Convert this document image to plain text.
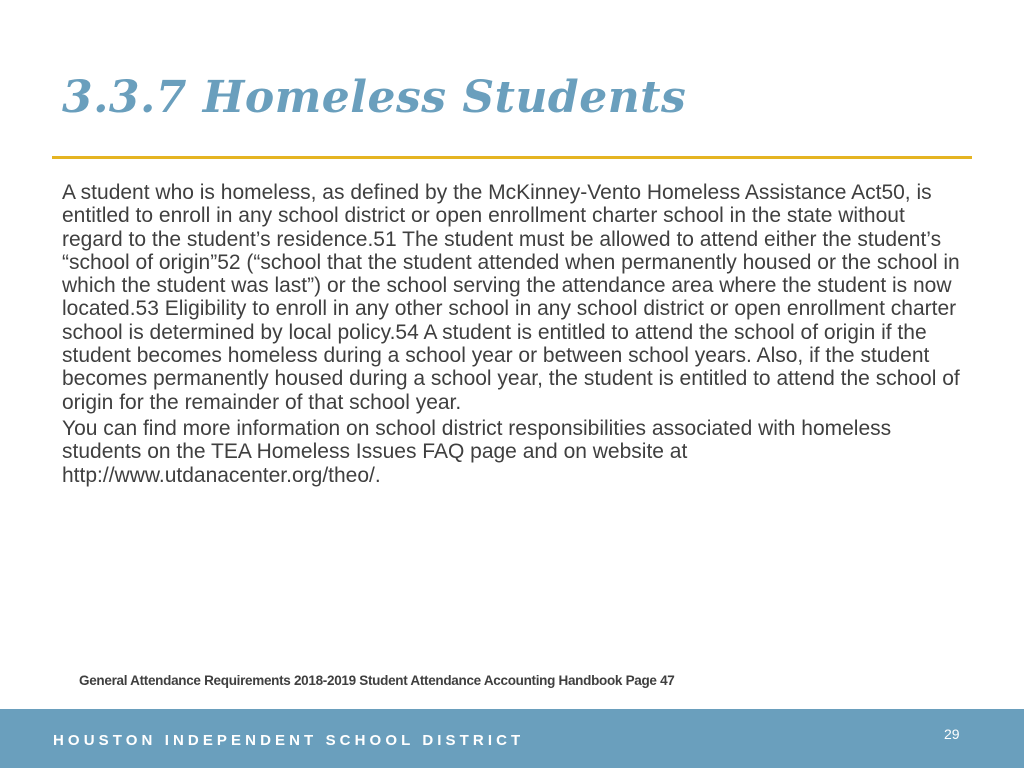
3.3.7 Homeless Students

A student who is homeless, as defined by the McKinney-Vento Homeless Assistance Act50, is entitled to enroll in any school district or open enrollment charter school in the state without regard to the student’s residence.51 The student must be allowed to attend either the student’s “school of origin”52 (“school that the student attended when permanently housed or the school in which the student was last”) or the school serving the attendance area where the student is now located.53 Eligibility to enroll in any other school in any school district or open enrollment charter school is determined by local policy.54 A student is entitled to attend the school of origin if the student becomes homeless during a school year or between school years. Also, if the student becomes permanently housed during a school year, the student is entitled to attend the school of origin for the remainder of that school year.

You can find more information on school district responsibilities associated with homeless students on the TEA Homeless Issues FAQ page and on website at http://www.utdanacenter.org/theo/.

General Attendance Requirements 2018-2019 Student Attendance Accounting Handbook Page 47
HOUSTON INDEPENDENT SCHOOL DISTRICT	29
